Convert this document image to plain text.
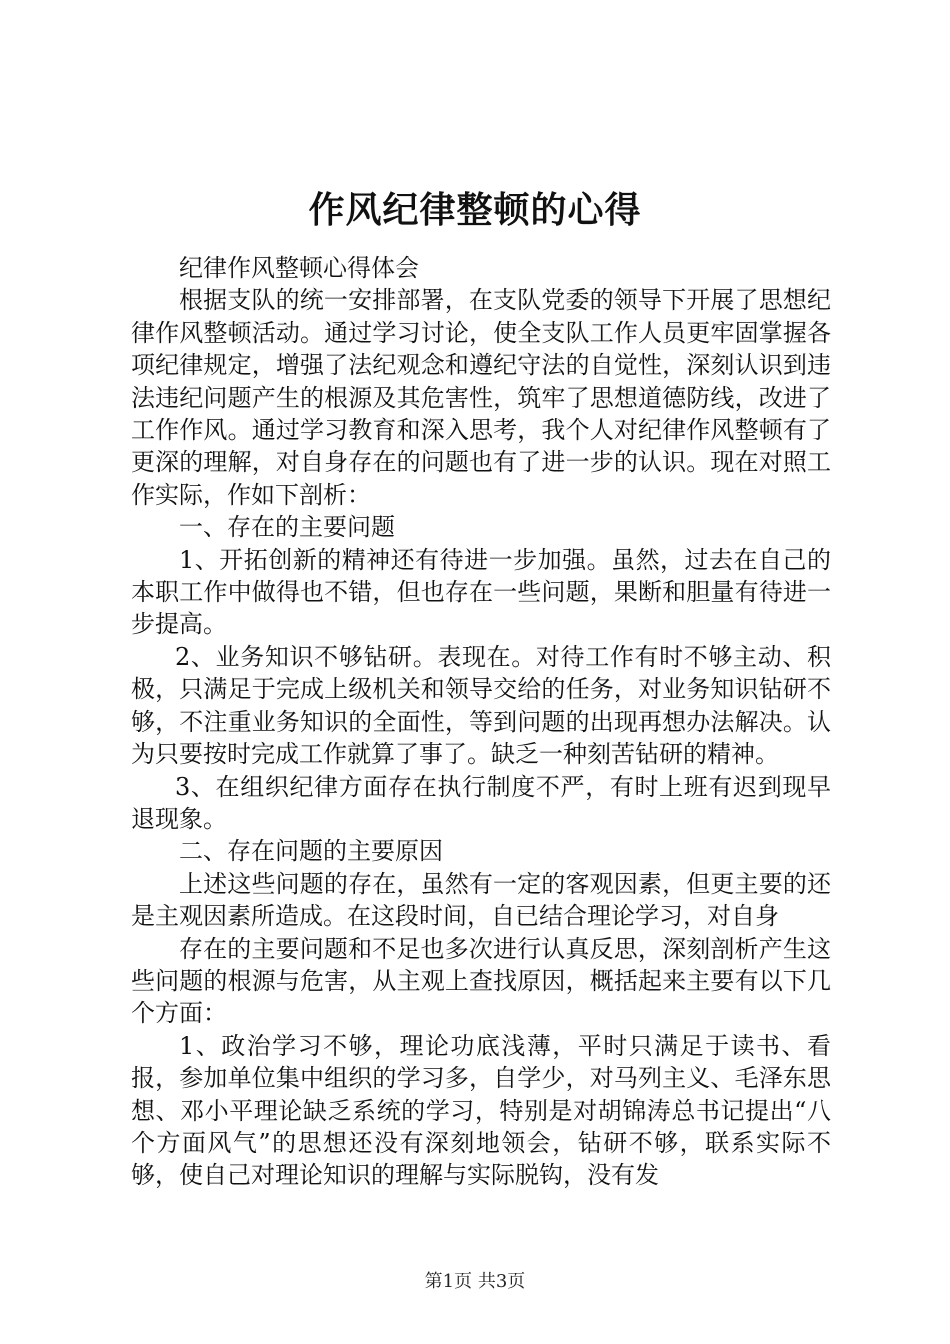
作风纪律整顿的心得

纪律作风整顿心得体会

根据支队的统一安排部署，在支队党委的领导下开展了思想纪律作风整顿活动。通过学习讨论，使全支队工作人员更牢固掌握各项纪律规定，增强了法纪观念和遵纪守法的自觉性，深刻认识到违法违纪问题产生的根源及其危害性，筑牢了思想道德防线，改进了工作作风。通过学习教育和深入思考，我个人对纪律作风整顿有了更深的理解，对自身存在的问题也有了进一步的认识。现在对照工作实际，作如下剖析：

一、存在的主要问题

1、开拓创新的精神还有待进一步加强。虽然，过去在自己的本职工作中做得也不错，但也存在一些问题，果断和胆量有待进一步提高。

2、业务知识不够钻研。表现在。对待工作有时不够主动、积极，只满足于完成上级机关和领导交给的任务，对业务知识钻研不够，不注重业务知识的全面性，等到问题的出现再想办法解决。认为只要按时完成工作就算了事了。缺乏一种刻苦钻研的精神。

3、在组织纪律方面存在执行制度不严，有时上班有迟到现早退现象。

二、存在问题的主要原因

上述这些问题的存在，虽然有一定的客观因素，但更主要的还是主观因素所造成。在这段时间，自已结合理论学习，对自身

存在的主要问题和不足也多次进行认真反思，深刻剖析产生这些问题的根源与危害，从主观上查找原因，概括起来主要有以下几个方面：

1、政治学习不够，理论功底浅薄，平时只满足于读书、看报，参加单位集中组织的学习多，自学少，对马列主义、毛泽东思想、邓小平理论缺乏系统的学习，特别是对胡锦涛总书记提出“八个方面风气”的思想还没有深刻地领会，钻研不够，联系实际不够，使自己对理论知识的理解与实际脱钩，没有发

第1页 共3页
